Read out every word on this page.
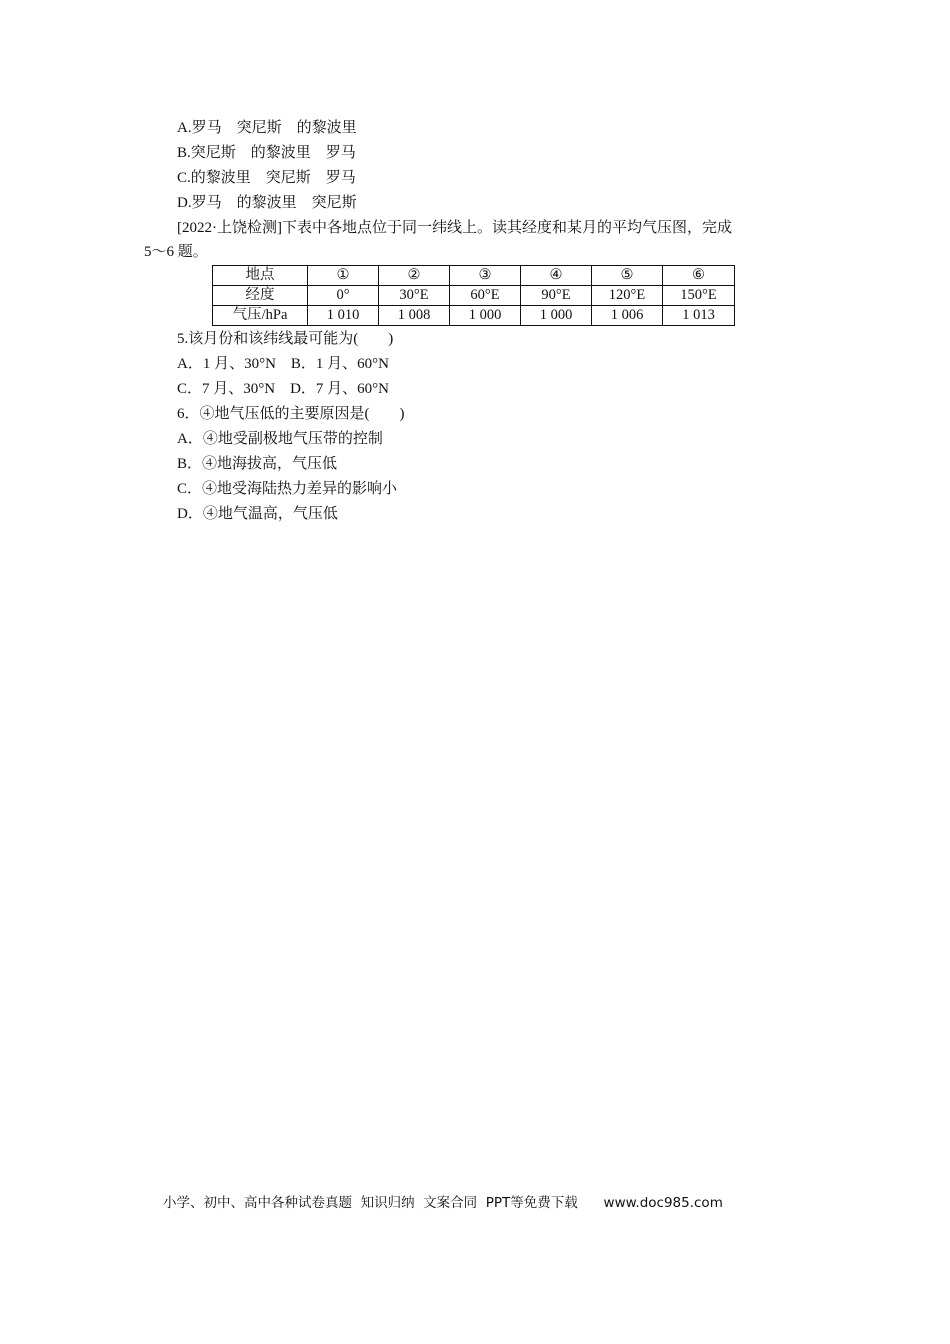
A.罗马　突尼斯　的黎波里
B.突尼斯　的黎波里　罗马
C.的黎波里　突尼斯　罗马
D.罗马　的黎波里　突尼斯
[2022·上饶检测]下表中各地点位于同一纬线上。读其经度和某月的平均气压图，完成
5～6 题。
地点	①	②	③	④	⑤	⑥
经度	0°	30°E	60°E	90°E	120°E	150°E
气压/hPa	1 010	1 008	1 000	1 000	1 006	1 013
5.该月份和该纬线最可能为(　　)
A．1 月、30°N　B．1 月、60°N
C．7 月、30°N　D．7 月、60°N
6．④地气压低的主要原因是(　　)
A．④地受副极地气压带的控制
B．④地海拔高，气压低
C．④地受海陆热力差异的影响小
D．④地气温高，气压低
小学、初中、高中各种试卷真题  知识归纳  文案合同  PPT等免费下载      www.doc985.com
